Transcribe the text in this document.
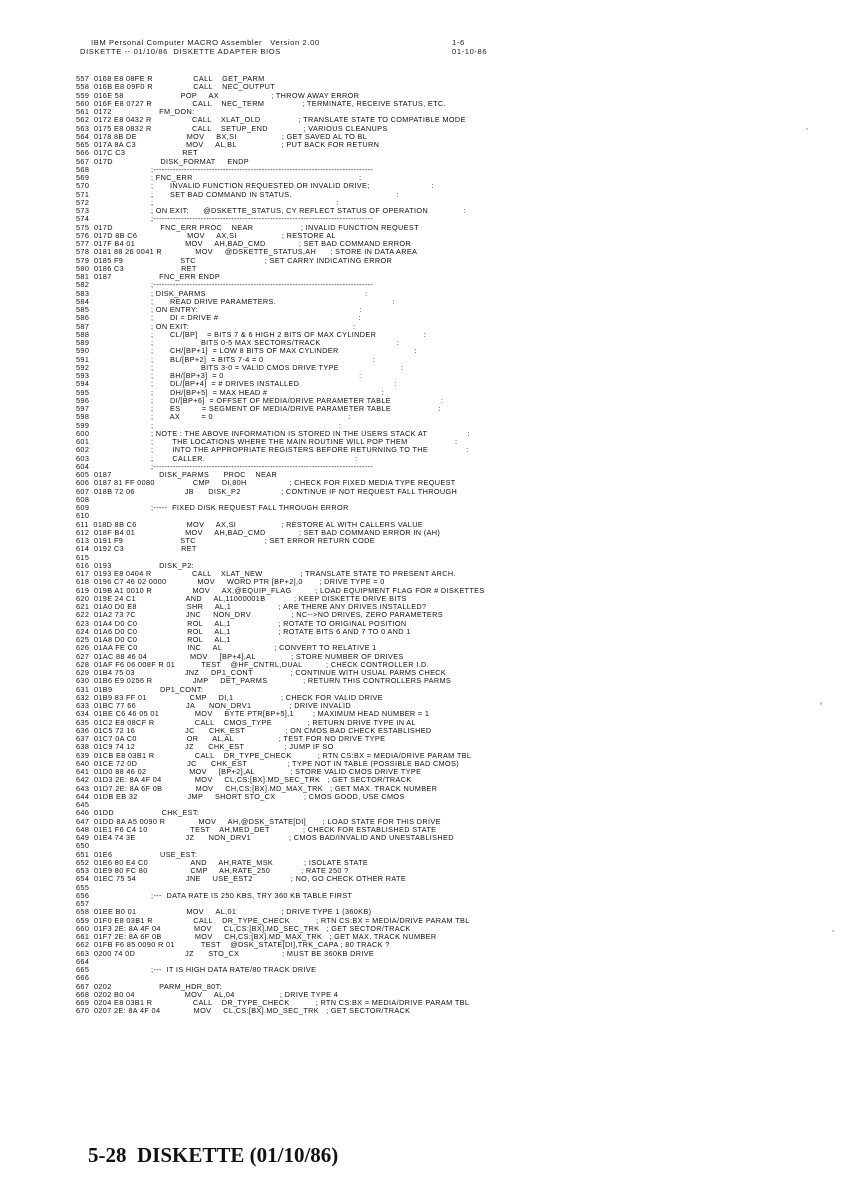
IBM Personal Computer MACRO Assembler   Version 2.00	1-6
DISKETTE -- 01/10/86  DISKETTE ADAPTER BIOS	01-10-86
557  0168 E8 08FE R                 CALL    GET_PARM
558  016B E8 09F0 R                 CALL    NEC_OUTPUT
559  016E 58                        POP     AX                      ; THROW AWAY ERROR
560  016F E8 0727 R                 CALL    NEC_TERM                ; TERMINATE, RECEIVE STATUS, ETC.
561  0172                    FM_DON:
562  0172 E8 0432 R                 CALL    XLAT_OLD                ; TRANSLATE STATE TO COMPATIBLE MODE
563  0175 E8 0832 R                 CALL    SETUP_END               ; VARIOUS CLEANUPS
564  0178 8B DE                     MOV     BX,SI                   ; GET SAVED AL TO BL
565  017A 8A C3                     MOV     AL,BL                   ; PUT BACK FOR RETURN
566  017C C3                        RET
567  017D                    DISK_FORMAT     ENDP
568                          ;-------------------------------------------------------------------------------
569                          ; FNC_ERR                                                                      :
570                          ;       INVALID FUNCTION REQUESTED OR INVALID DRIVE;                          :
571                          ;       SET BAD COMMAND IN STATUS.                                            :
572                          ;                                                                             :
573                          ; ON EXIT:      @DSKETTE_STATUS, CY REFLECT STATUS OF OPERATION               :
574                          ;-------------------------------------------------------------------------------
575  017D                    FNC_ERR PROC    NEAR                    ; INVALID FUNCTION REQUEST
576  017D 8B C6                     MOV     AX,SI                   ; RESTORE AL
577  017F B4 01                     MOV     AH,BAD_CMD              ; SET BAD COMMAND ERROR
578  0181 88 26 0041 R              MOV     @DSKETTE_STATUS,AH      ; STORE IN DATA AREA
579  0185 F9                        STC                             ; SET CARRY INDICATING ERROR
580  0186 C3                        RET
581  0187                    FNC_ERR ENDP
582                          ;-------------------------------------------------------------------------------
583                          ; DISK_PARMS                                                                   :
584                          ;       READ DRIVE PARAMETERS.                                                 :
585                          ; ON ENTRY:                                                                    :
586                          ;       DI = DRIVE #                                                           :
587                          ; ON EXIT:                                                                     :
588                          ;       CL/[BP]    = BITS 7 & 6 HIGH 2 BITS OF MAX CYLINDER                    :
589                          ;                    BITS 0-5 MAX SECTORS/TRACK                                :
590                          ;       CH/[BP+1]  = LOW 8 BITS OF MAX CYLINDER                                :
591                          ;       BL/[BP+2]  = BITS 7-4 = 0                                              :
592                          ;                    BITS 3-0 = VALID CMOS DRIVE TYPE                          :
593                          ;       BH/[BP+3]  = 0                                                         :
594                          ;       DL/[BP+4]  = # DRIVES INSTALLED                                        :
595                          ;       DH/[BP+5]  = MAX HEAD #                                                :
596                          ;       DI/[BP+6]  = OFFSET OF MEDIA/DRIVE PARAMETER TABLE                     :
597                          ;       ES         = SEGMENT OF MEDIA/DRIVE PARAMETER TABLE                    :
598                          ;       AX         = 0                                                         :
599                          ;                                                                              :
600                          ; NOTE : THE ABOVE INFORMATION IS STORED IN THE USERS STACK AT                 :
601                          ;        THE LOCATIONS WHERE THE MAIN ROUTINE WILL POP THEM                    :
602                          ;        INTO THE APPROPRIATE REGISTERS BEFORE RETURNING TO THE                :
603                          ;        CALLER.                                                               :
604                          ;-------------------------------------------------------------------------------
605  0187                    DISK_PARMS      PROC    NEAR
606  0187 81 FF 0080                CMP     DI,80H                  ; CHECK FOR FIXED MEDIA TYPE REQUEST
607  018B 72 06                     JB      DISK_P2                 ; CONTINUE IF NOT REQUEST FALL THROUGH
608
609                          ;-----  FIXED DISK REQUEST FALL THROUGH ERROR
610
611  018D 8B C6                     MOV     AX,SI                   ; RESTORE AL WITH CALLERS VALUE
612  018F B4 01                     MOV     AH,BAD_CMD              ; SET BAD COMMAND ERROR IN (AH)
613  0191 F9                        STC                             ; SET ERROR RETURN CODE
614  0192 C3                        RET
615
616  0193                    DISK_P2:
617  0193 E8 0404 R                 CALL    XLAT_NEW                ; TRANSLATE STATE TO PRESENT ARCH.
618  0196 C7 46 02 0000             MOV     WORD PTR [BP+2],0       ; DRIVE TYPE = 0
619  019B A1 0010 R                 MOV     AX,@EQUIP_FLAG          ; LOAD EQUIPMENT FLAG FOR # DISKETTES
620  019E 24 C1                     AND     AL,11000001B            ; KEEP DISKETTE DRIVE BITS
621  01A0 D0 E8                     SHR     AL,1                    ; ARE THERE ANY DRIVES INSTALLED?
622  01A2 73 7C                     JNC     NON_DRV                 ; NC-->NO DRIVES, ZERO PARAMETERS
623  01A4 D0 C0                     ROL     AL,1                    ; ROTATE TO ORIGINAL POSITION
624  01A6 D0 C0                     ROL     AL,1                    ; ROTATE BITS 6 AND 7 TO 0 AND 1
625  01A8 D0 C0                     ROL     AL,1
626  01AA FE C0                     INC     AL                      ; CONVERT TO RELATIVE 1
627  01AC 88 46 04                  MOV     [BP+4],AL               ; STORE NUMBER OF DRIVES
628  01AF F6 06 008F R 01           TEST    @HF_CNTRL,DUAL          ; CHECK CONTROLLER I.D.
629  01B4 75 03                     JNZ     DP1_CONT                ; CONTINUE WITH USUAL PARMS CHECK
630  01B6 E9 0256 R                 JMP     DET_PARMS               ; RETURN THIS CONTROLLERS PARMS
631  01B9                    DP1_CONT:
632  01B9 83 FF 01                  CMP     DI,1                    ; CHECK FOR VALID DRIVE
633  01BC 77 66                     JA      NON_DRV1                ; DRIVE INVALID
634  01BE C6 46 05 01               MOV     BYTE PTR[BP+5],1        ; MAXIMUM HEAD NUMBER = 1
635  01C2 E8 08CF R                 CALL    CMOS_TYPE               ; RETURN DRIVE TYPE IN AL
636  01C5 72 16                     JC      CHK_EST                 ; ON CMOS BAD CHECK ESTABLISHED
637  01C7 0A C0                     OR      AL,AL                   ; TEST FOR NO DRIVE TYPE
638  01C9 74 12                     JZ      CHK_EST                 ; JUMP IF SO
639  01CB E8 03B1 R                 CALL    DR_TYPE_CHECK           ; RTN CS:BX = MEDIA/DRIVE PARAM TBL
640  01CE 72 0D                     JC      CHK_EST                 ; TYPE NOT IN TABLE (POSSIBLE BAD CMOS)
641  01D0 88 46 02                  MOV     [BP+2],AL               ; STORE VALID CMOS DRIVE TYPE
642  01D3 2E: 8A 4F 04              MOV     CL,CS:[BX].MD_SEC_TRK   ; GET SECTOR/TRACK
643  01D7 2E: 8A 6F 0B              MOV     CH,CS:[BX].MD_MAX_TRK   ; GET MAX. TRACK NUMBER
644  01DB EB 32                     JMP     SHORT STO_CX            ; CMOS GOOD, USE CMOS
645
646  01DD                    CHK_EST:
647  01DD 8A A5 0090 R              MOV     AH,@DSK_STATE[DI]       ; LOAD STATE FOR THIS DRIVE
648  01E1 F6 C4 10                  TEST    AH,MED_DET              ; CHECK FOR ESTABLISHED STATE
649  01E4 74 3E                     JZ      NON_DRV1                ; CMOS BAD/INVALID AND UNESTABLISHED
650
651  01E6                    USE_EST:
652  01E6 80 E4 C0                  AND     AH,RATE_MSK             ; ISOLATE STATE
653  01E9 80 FC 80                  CMP     AH,RATE_250             ; RATE 250 ?
654  01EC 75 54                     JNE     USE_EST2                ; NO, GO CHECK OTHER RATE
655
656                          ;---  DATA RATE IS 250 KBS, TRY 360 KB TABLE FIRST
657
658  01EE B0 01                     MOV     AL,01                   ; DRIVE TYPE 1 (360KB)
659  01F0 E8 03B1 R                 CALL    DR_TYPE_CHECK           ; RTN CS:BX = MEDIA/DRIVE PARAM TBL
660  01F3 2E: 8A 4F 04              MOV     CL,CS:[BX].MD_SEC_TRK   ; GET SECTOR/TRACK
661  01F7 2E: 8A 6F 0B              MOV     CH,CS:[BX].MD_MAX_TRK   ; GET MAX. TRACK NUMBER
662  01FB F6 85 0090 R 01           TEST    @DSK_STATE[DI],TRK_CAPA ; 80 TRACK ?
663  0200 74 0D                     JZ      STO_CX                  ; MUST BE 360KB DRIVE
664
665                          ;---  IT IS HIGH DATA RATE/80 TRACK DRIVE
666
667  0202                    PARM_HDR_80T:
668  0202 B0 04                     MOV     AL,04                   ; DRIVE TYPE 4
669  0204 E8 03B1 R                 CALL    DR_TYPE_CHECK           ; RTN CS:BX = MEDIA/DRIVE PARAM TBL
670  0207 2E: 8A 4F 04              MOV     CL,CS:[BX].MD_SEC_TRK   ; GET SECTOR/TRACK
5-28  DISKETTE (01/10/86)
